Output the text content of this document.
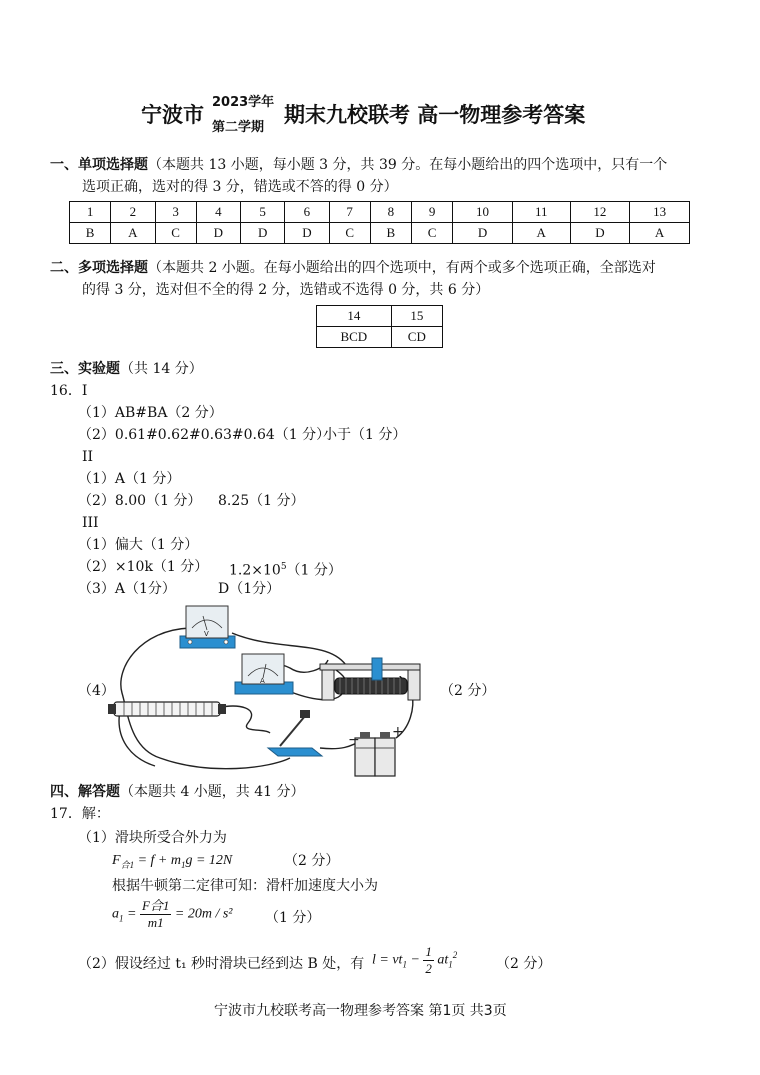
宁波市
2023学年
第二学期
期末九校联考 高一物理参考答案
一、单项选择题（本题共 13 小题，每小题 3 分，共 39 分。在每小题给出的四个选项中，只有一个
选项正确，选对的得 3 分，错选或不答的得 0 分）
1	2	3	4	5	6	7	8	9	10	11	12	13
B	A	C	D	D	D	C	B	C	D	A	D	A
二、多项选择题（本题共 2 小题。在每小题给出的四个选项中，有两个或多个选项正确，全部选对
的得 3 分，选对但不全的得 2 分，选错或不选得 0 分，共 6 分）
14	15
BCD	CD
三、实验题（共 14 分）
16．I
（1）AB#BA（2 分）
（2）0.61#0.62#0.63#0.64（1 分）
小于（1 分）
II
（1）A（1 分）
（2）8.00（1 分） 8.25（1 分）
III
（1）偏大（1 分）
（2）×10k（1 分） $1.2\times 10^5(1$ 分）
（3）A（1分）	D（1分）
（4）	（2 分）
V
A
− +
四、解答题（本题共 4 小题，共 41 分）
17．解：
（1）滑块所受合外力为
$F_{合1} = f + m_1g = 12N$	（2 分）
根据牛顿第二定律可知：滑杆加速度大小为
$a_1 = \frac{\text{F合1}}{m1} = 20m / s^2$ （1 分）
（2）假设经过 t₁ 秒时滑块已经到达 B 处，有 $l = vt_1 - \frac{1}{2} at_1^2$
（2 分）
宁波市九校联考高一物理参考答案 第1页 共3页
